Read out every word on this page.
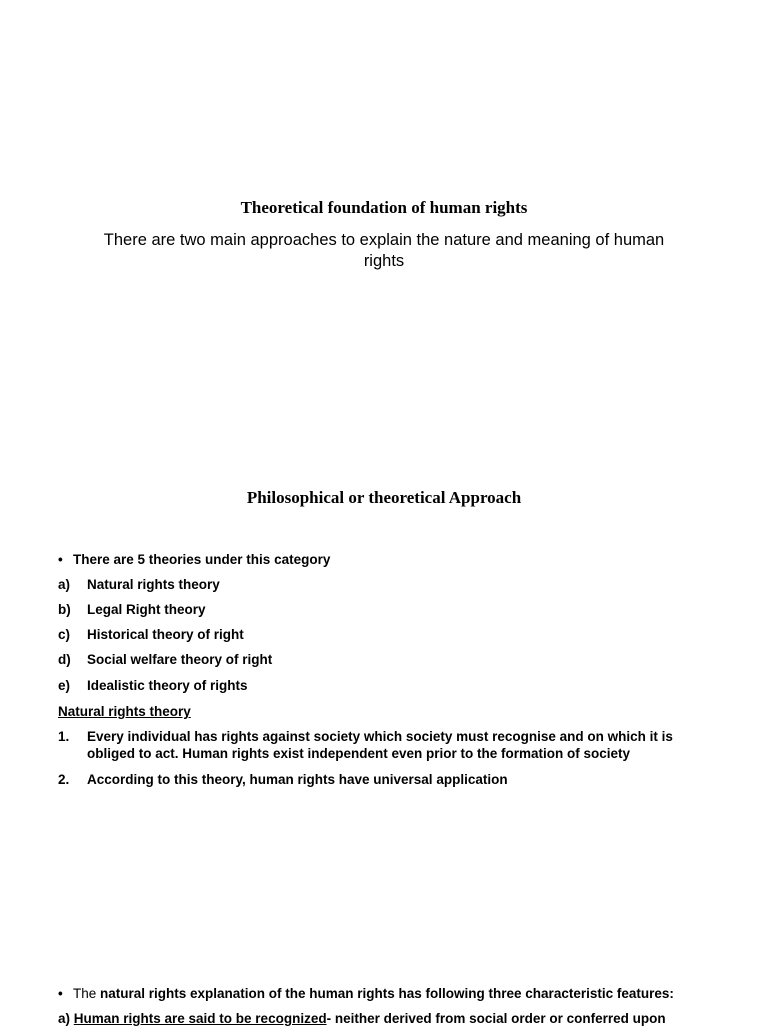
Theoretical foundation of human rights

There are two main approaches to explain the nature and meaning of human rights

Philosophical or theoretical Approach
• There are 5 theories under this category
a) Natural rights theory
b) Legal Right theory
c) Historical theory of right
d) Social welfare theory of right
e) Idealistic theory of rights
Natural rights theory
1. Every individual has rights against society which society must recognise and on which it is obliged to act. Human rights exist independent even prior to the formation of society
2. According to this theory, human rights have universal application
• The natural rights explanation of the human rights has following three characteristic features:
a) Human rights are said to be recognized- neither derived from social order or conferred upon
